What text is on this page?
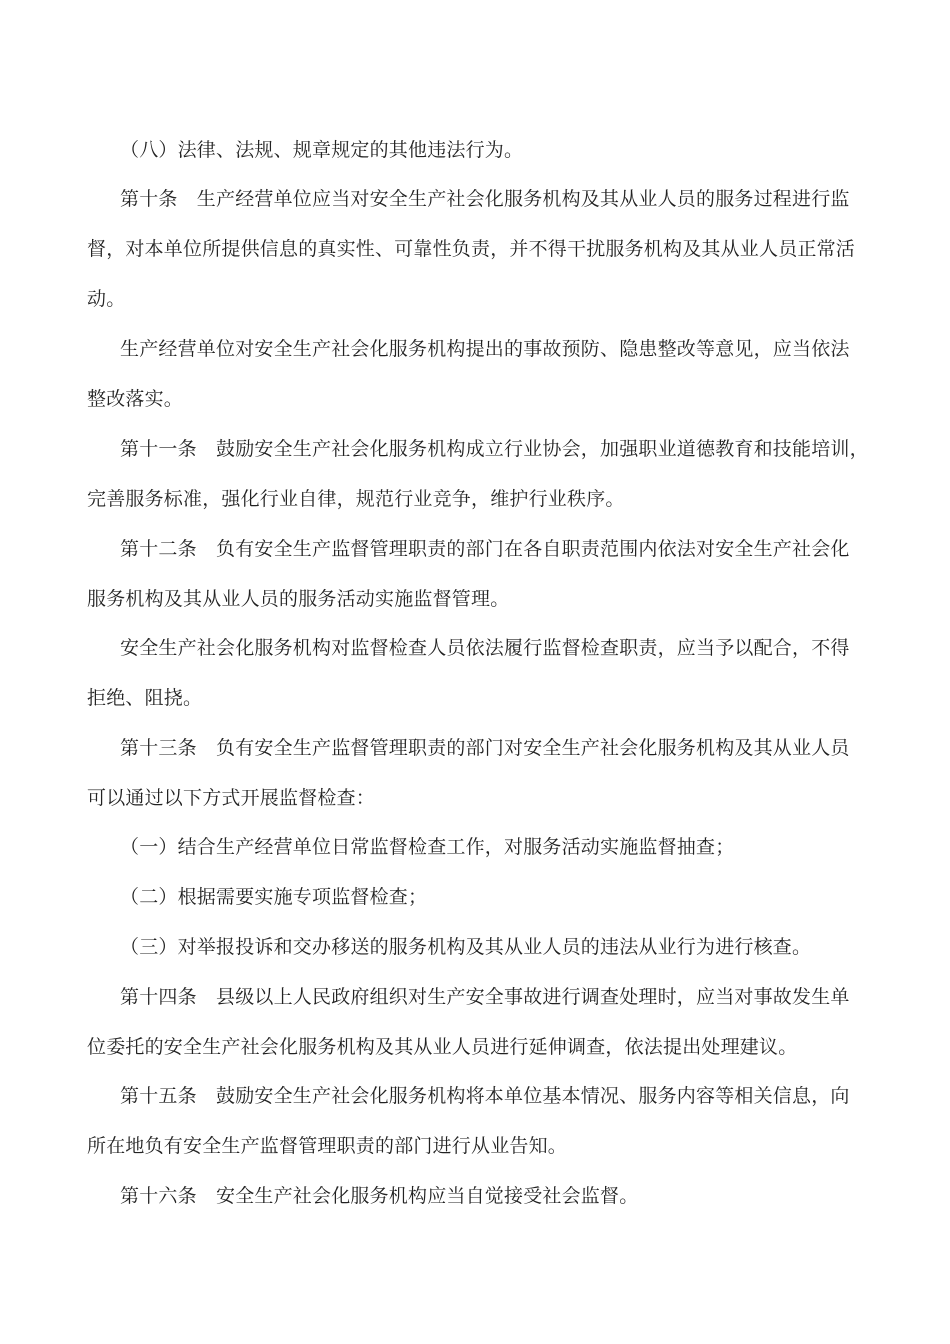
（八）法律、法规、规章规定的其他违法行为。
第十条　生产经营单位应当对安全生产社会化服务机构及其从业人员的服务过程进行监
督，对本单位所提供信息的真实性、可靠性负责，并不得干扰服务机构及其从业人员正常活
动。
生产经营单位对安全生产社会化服务机构提出的事故预防、隐患整改等意见，应当依法
整改落实。
第十一条　鼓励安全生产社会化服务机构成立行业协会，加强职业道德教育和技能培训，
完善服务标准，强化行业自律，规范行业竞争，维护行业秩序。
第十二条　负有安全生产监督管理职责的部门在各自职责范围内依法对安全生产社会化
服务机构及其从业人员的服务活动实施监督管理。
安全生产社会化服务机构对监督检查人员依法履行监督检查职责，应当予以配合，不得
拒绝、阻挠。
第十三条　负有安全生产监督管理职责的部门对安全生产社会化服务机构及其从业人员
可以通过以下方式开展监督检查：
（一）结合生产经营单位日常监督检查工作，对服务活动实施监督抽查；
（二）根据需要实施专项监督检查；
（三）对举报投诉和交办移送的服务机构及其从业人员的违法从业行为进行核查。
第十四条　县级以上人民政府组织对生产安全事故进行调查处理时，应当对事故发生单
位委托的安全生产社会化服务机构及其从业人员进行延伸调查，依法提出处理建议。
第十五条　鼓励安全生产社会化服务机构将本单位基本情况、服务内容等相关信息，向
所在地负有安全生产监督管理职责的部门进行从业告知。
第十六条　安全生产社会化服务机构应当自觉接受社会监督。
